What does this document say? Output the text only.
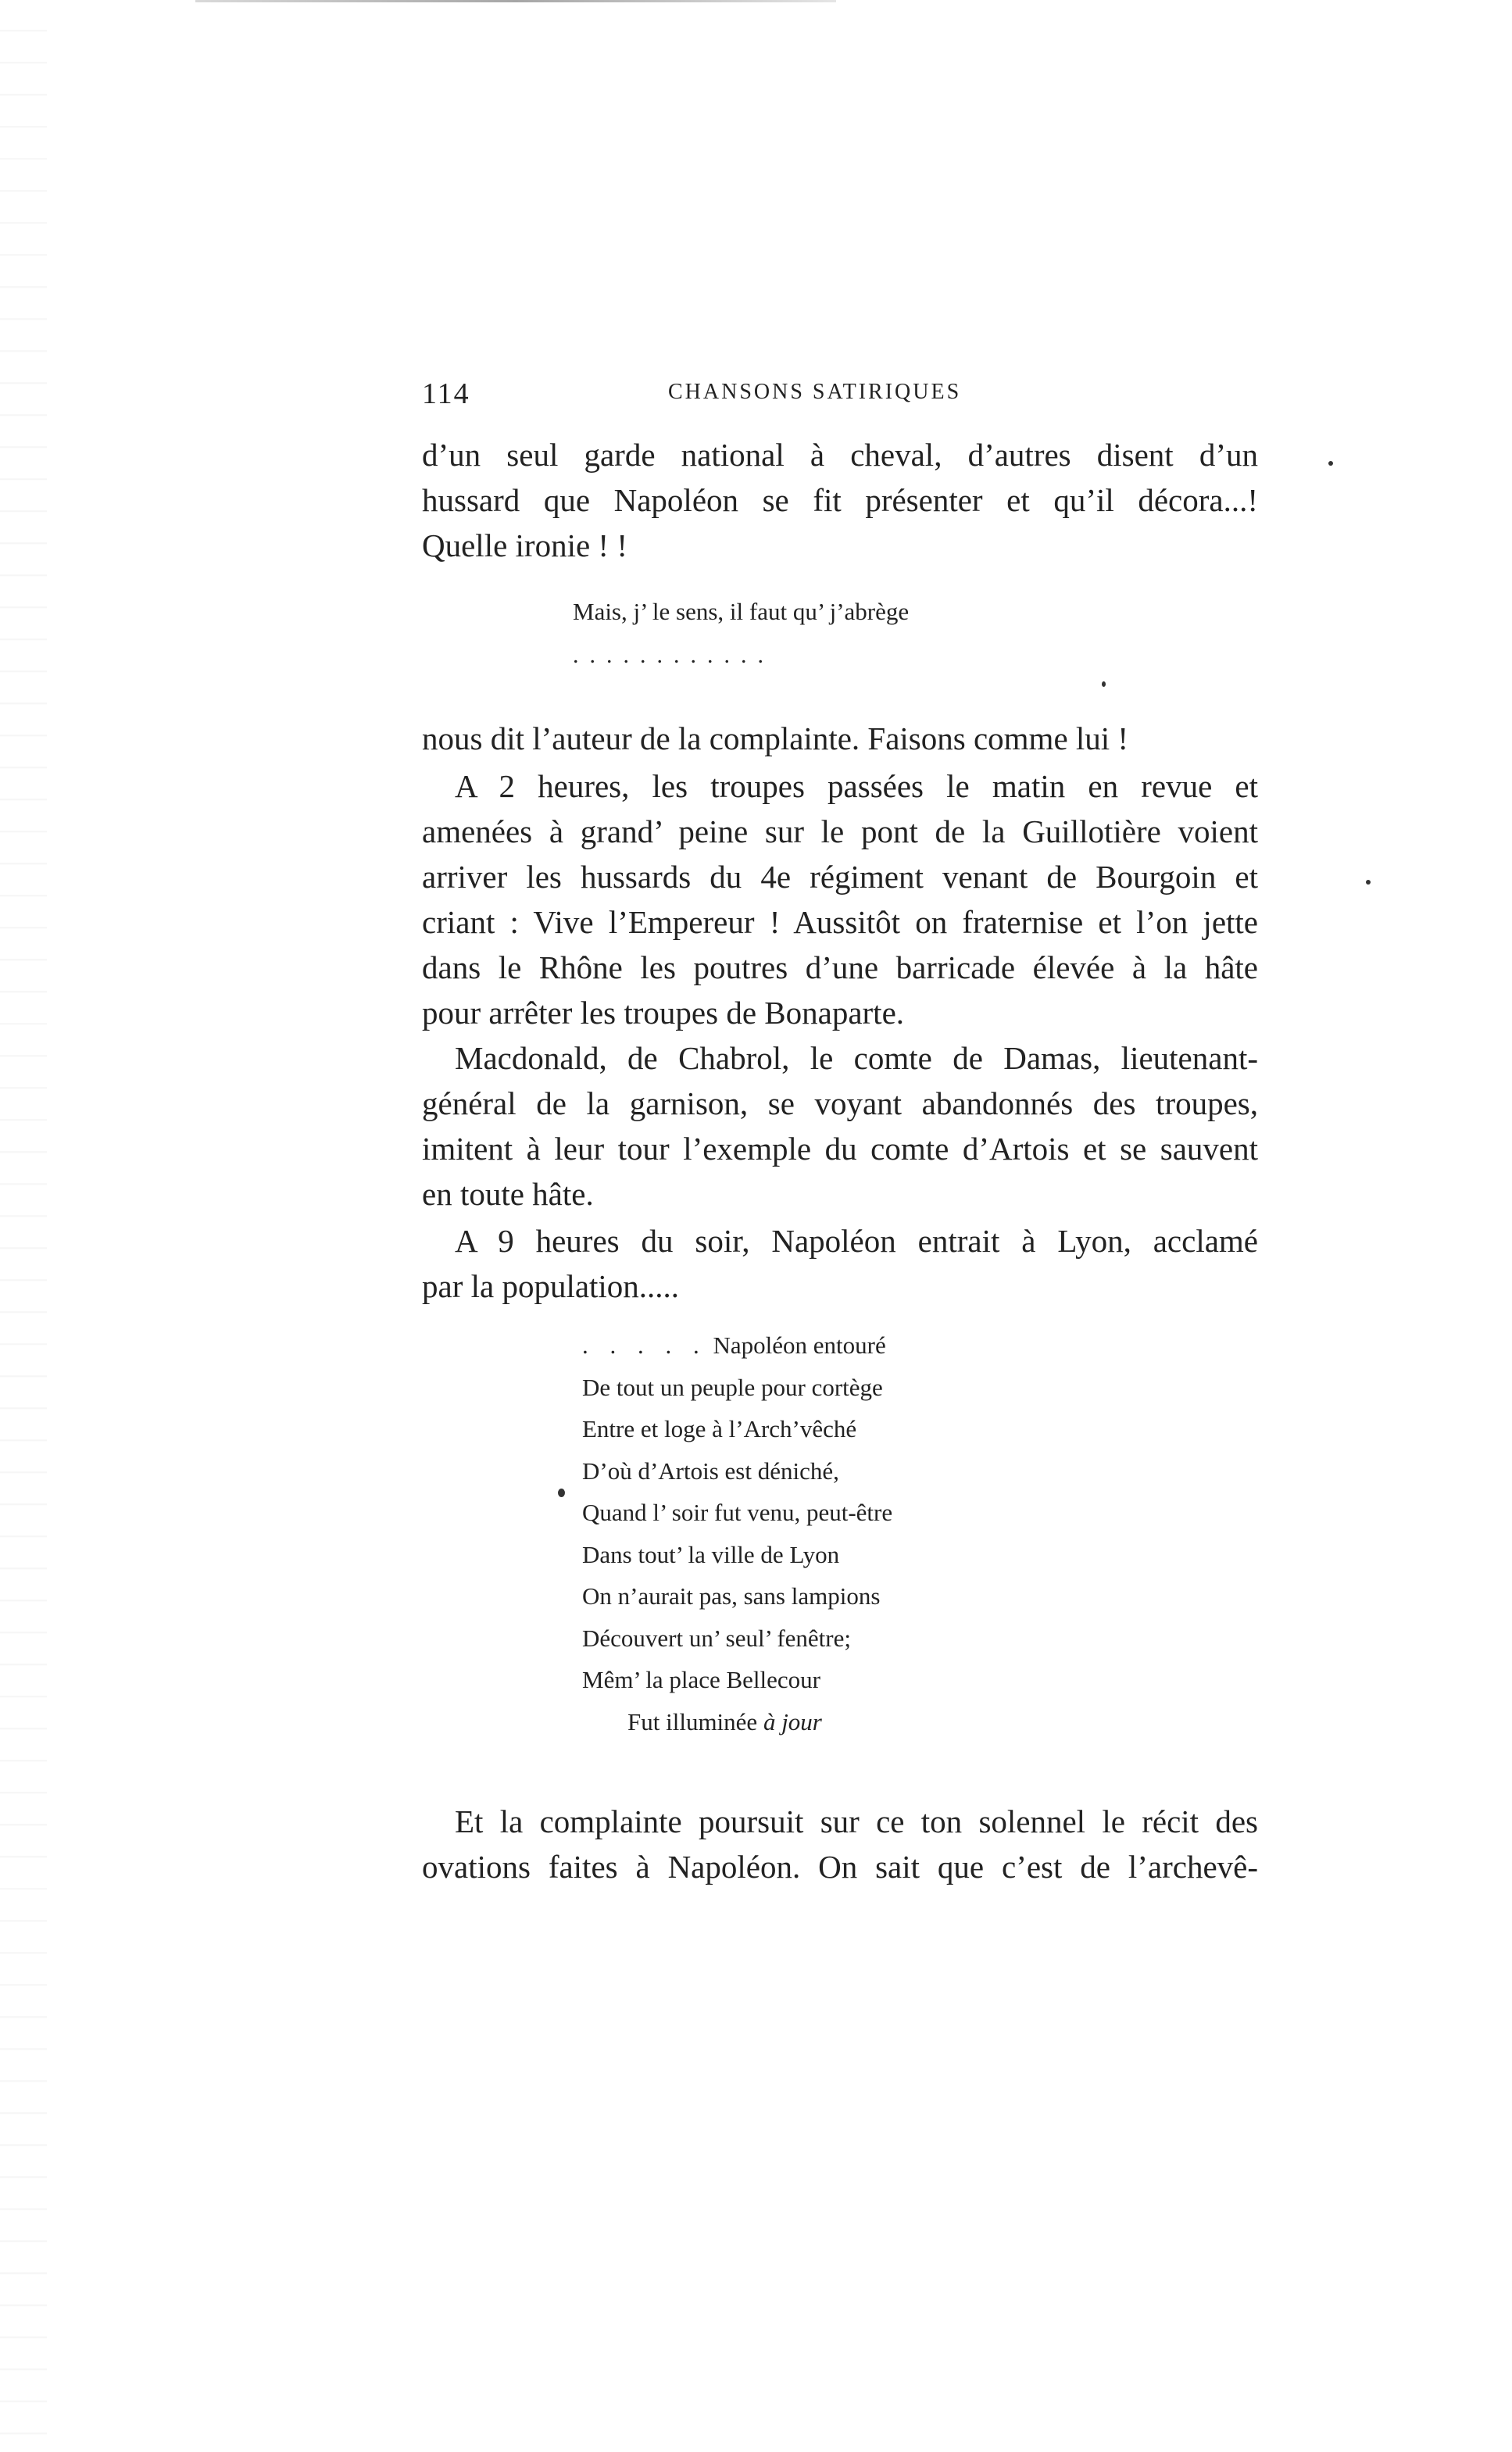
114	CHANSONS SATIRIQUES
d’un seul garde national à cheval, d’autres disent d’un
hussard que Napoléon se fit présenter et qu’il décora...!
Quelle ironie ! !
Mais, j’ le sens, il faut qu’ j’abrège
............
nous dit l’auteur de la complainte. Faisons comme lui !
A 2 heures, les troupes passées le matin en revue et
amenées à grand’ peine sur le pont de la Guillotière voient
arriver les hussards du 4e régiment venant de Bourgoin et
criant : Vive l’Empereur ! Aussitôt on fraternise et l’on jette
dans le Rhône les poutres d’une barricade élevée à la hâte
pour arrêter les troupes de Bonaparte.
Macdonald, de Chabrol, le comte de Damas, lieutenant-
général de la garnison, se voyant abandonnés des troupes,
imitent à leur tour l’exemple du comte d’Artois et se sauvent
en toute hâte.
A 9 heures du soir, Napoléon entrait à Lyon, acclamé
par la population.....
. . . . . Napoléon entouré
De tout un peuple pour cortège
Entre et loge à l’Arch’vêché
D’où d’Artois est déniché,
Quand l’ soir fut venu, peut-être
Dans tout’ la ville de Lyon
On n’aurait pas, sans lampions
Découvert un’ seul’ fenêtre;
Mêm’ la place Bellecour
Fut illuminée à jour
Et la complainte poursuit sur ce ton solennel le récit des
ovations faites à Napoléon. On sait que c’est de l’archevê-
